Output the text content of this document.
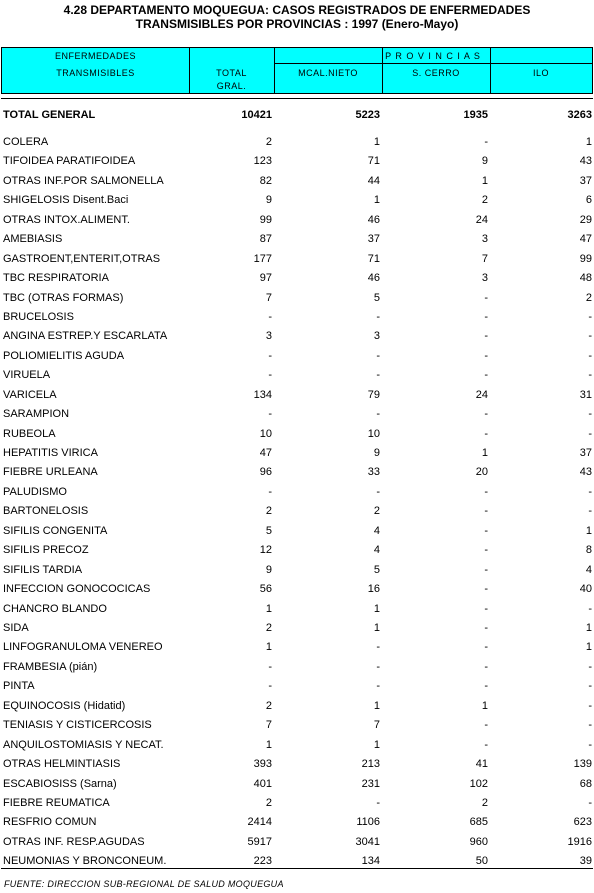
4.28 DEPARTAMENTO MOQUEGUA: CASOS REGISTRADOS DE ENFERMEDADES
TRANSMISIBLES POR PROVINCIAS : 1997 (Enero-Mayo)
ENFERMEDADES
TRANSMISIBLES	TOTAL
GRAL.
P R O V I N C I A S
MCAL.NIETO	S. CERRO	ILO
TOTAL GENERAL	10421	5223	1935	3263
COLERA	2	1	-	1
TIFOIDEA PARATIFOIDEA	123	71	9	43
OTRAS INF.POR SALMONELLA	82	44	1	37
SHIGELOSIS Disent.Baci	9	1	2	6
OTRAS INTOX.ALIMENT.	99	46	24	29
AMEBIASIS	87	37	3	47
GASTROENT,ENTERIT,OTRAS	177	71	7	99
TBC RESPIRATORIA	97	46	3	48
TBC (OTRAS FORMAS)	7	5	-	2
BRUCELOSIS	-	-	-	-
ANGINA ESTREP.Y ESCARLATA	3	3	-	-
POLIOMIELITIS AGUDA	-	-	-	-
VIRUELA	-	-	-	-
VARICELA	134	79	24	31
SARAMPION	-	-	-	-
RUBEOLA	10	10	-	-
HEPATITIS VIRICA	47	9	1	37
FIEBRE URLEANA	96	33	20	43
PALUDISMO	-	-	-	-
BARTONELOSIS	2	2	-	-
SIFILIS CONGENITA	5	4	-	1
SIFILIS PRECOZ	12	4	-	8
SIFILIS TARDIA	9	5	-	4
INFECCION GONOCOCICAS	56	16	-	40
CHANCRO BLANDO	1	1	-	-
SIDA	2	1	-	1
LINFOGRANULOMA VENEREO	1	-	-	1
FRAMBESIA (pián)	-	-	-	-
PINTA	-	-	-	-
EQUINOCOSIS (Hidatid)	2	1	1	-
TENIASIS Y CISTICERCOSIS	7	7	-	-
ANQUILOSTOMIASIS Y NECAT.	1	1	-	-
OTRAS HELMINTIASIS	393	213	41	139
ESCABIOSISS (Sarna)	401	231	102	68
FIEBRE REUMATICA	2	-	2	-
RESFRIO COMUN	2414	1106	685	623
OTRAS INF. RESP.AGUDAS	5917	3041	960	1916
NEUMONIAS Y BRONCONEUM.	223	134	50	39
FUENTE: DIRECCION SUB-REGIONAL DE SALUD MOQUEGUA
